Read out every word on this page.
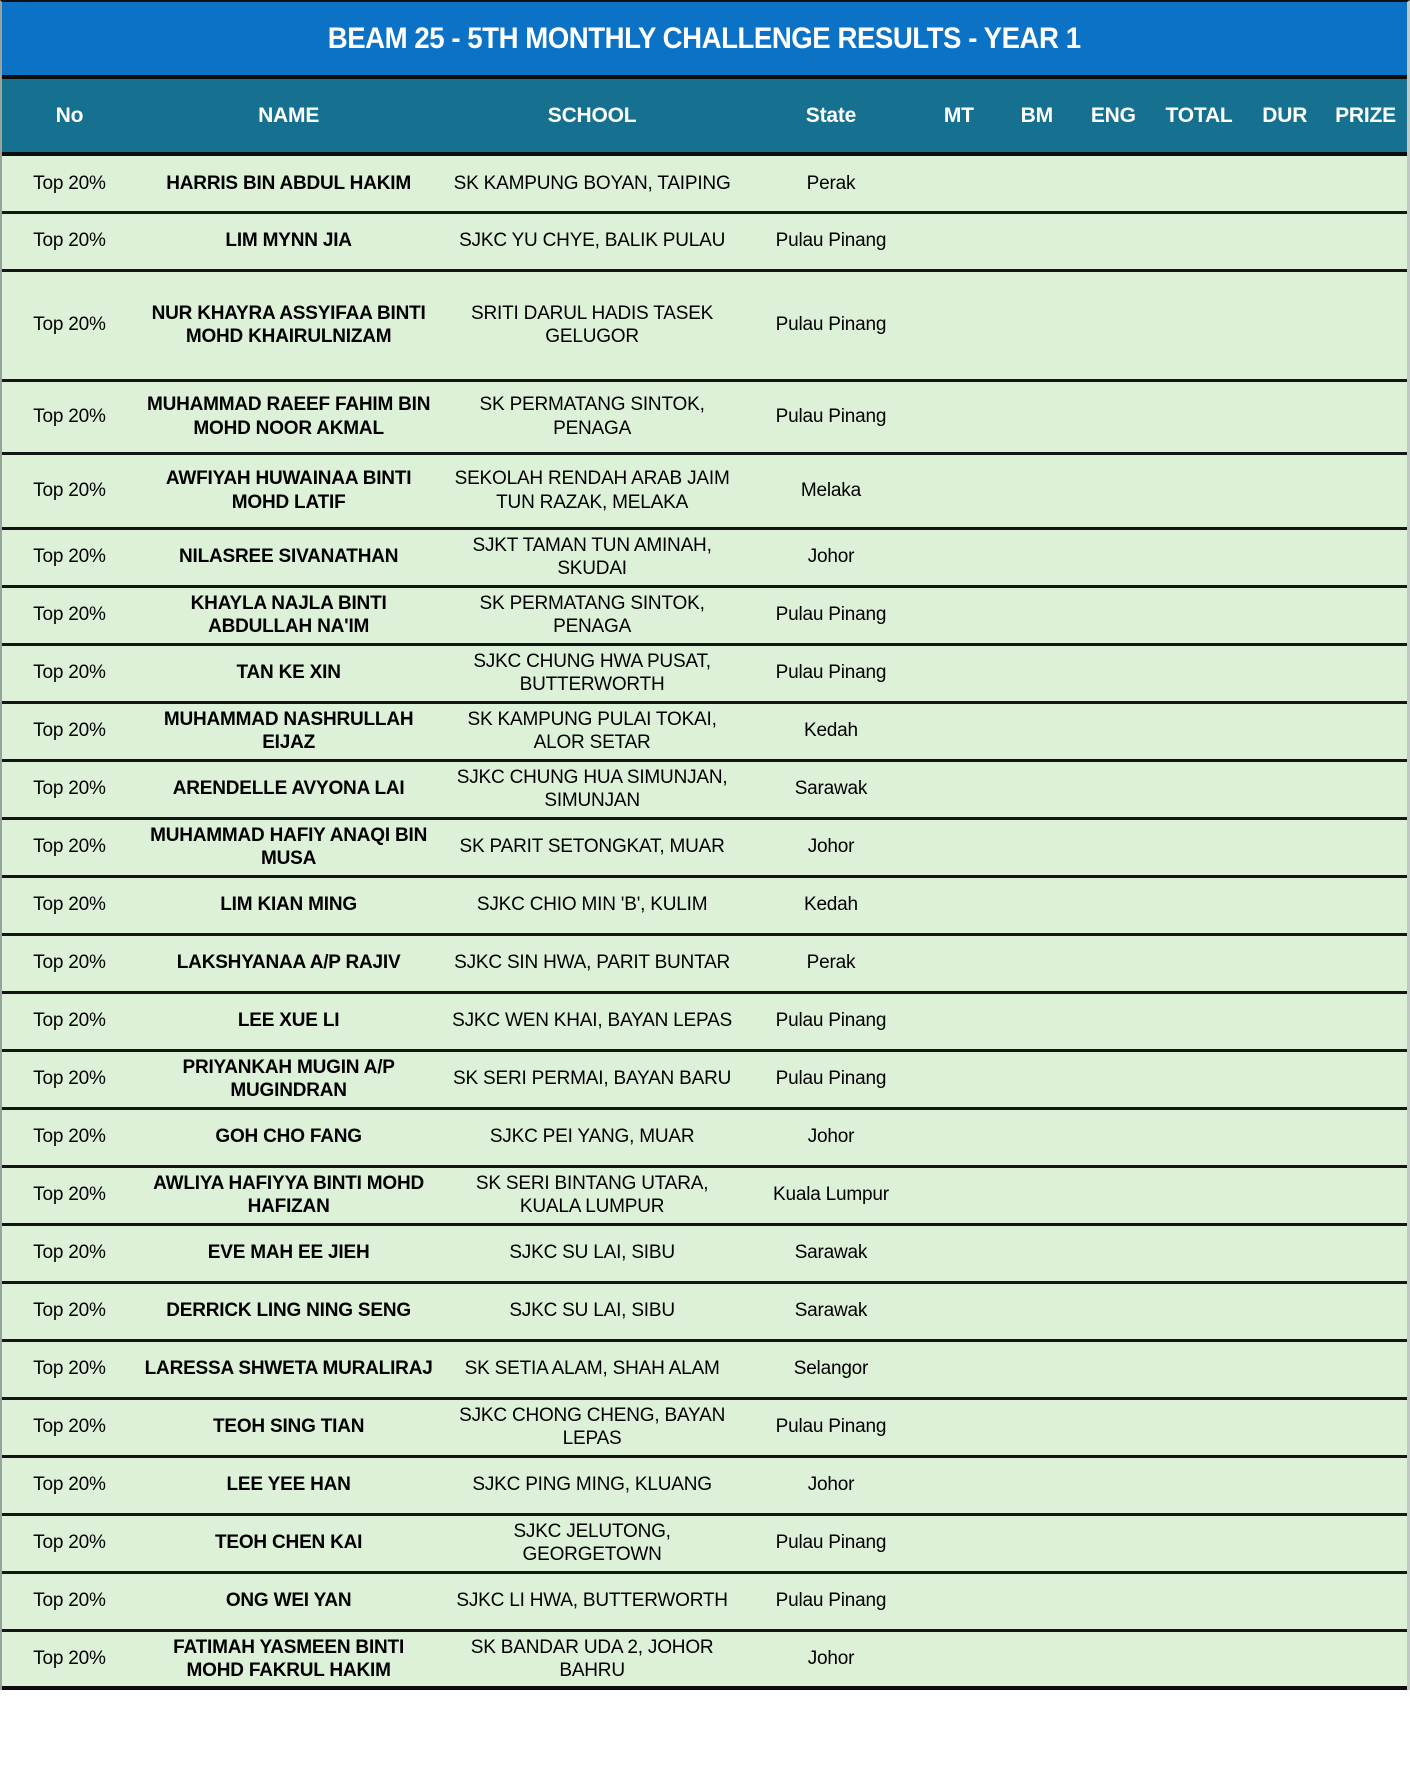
BEAM 25 - 5TH MONTHLY CHALLENGE RESULTS - YEAR 1
No	NAME	SCHOOL	State	MT	BM	ENG	TOTAL	DUR	PRIZE
Top 20%	HARRIS BIN ABDUL HAKIM	SK KAMPUNG BOYAN, TAIPING	Perak						
Top 20%	LIM MYNN JIA	SJKC YU CHYE, BALIK PULAU	Pulau Pinang						
Top 20%	NUR KHAYRA ASSYIFAA BINTI MOHD KHAIRULNIZAM	SRITI DARUL HADIS TASEK GELUGOR	Pulau Pinang						
Top 20%	MUHAMMAD RAEEF FAHIM BIN MOHD NOOR AKMAL	SK PERMATANG SINTOK, PENAGA	Pulau Pinang						
Top 20%	AWFIYAH HUWAINAA BINTI MOHD LATIF	SEKOLAH RENDAH ARAB JAIM TUN RAZAK, MELAKA	Melaka						
Top 20%	NILASREE SIVANATHAN	SJKT TAMAN TUN AMINAH, SKUDAI	Johor						
Top 20%	KHAYLA NAJLA BINTI ABDULLAH NA'IM	SK PERMATANG SINTOK, PENAGA	Pulau Pinang						
Top 20%	TAN KE XIN	SJKC CHUNG HWA PUSAT, BUTTERWORTH	Pulau Pinang						
Top 20%	MUHAMMAD NASHRULLAH EIJAZ	SK KAMPUNG PULAI TOKAI, ALOR SETAR	Kedah						
Top 20%	ARENDELLE AVYONA LAI	SJKC CHUNG HUA SIMUNJAN, SIMUNJAN	Sarawak						
Top 20%	MUHAMMAD HAFIY ANAQI BIN MUSA	SK PARIT SETONGKAT, MUAR	Johor						
Top 20%	LIM KIAN MING	SJKC CHIO MIN 'B', KULIM	Kedah						
Top 20%	LAKSHYANAA A/P RAJIV	SJKC SIN HWA, PARIT BUNTAR	Perak						
Top 20%	LEE XUE LI	SJKC WEN KHAI, BAYAN LEPAS	Pulau Pinang						
Top 20%	PRIYANKAH MUGIN A/P MUGINDRAN	SK SERI PERMAI, BAYAN BARU	Pulau Pinang						
Top 20%	GOH CHO FANG	SJKC PEI YANG, MUAR	Johor						
Top 20%	AWLIYA HAFIYYA BINTI MOHD HAFIZAN	SK SERI BINTANG UTARA, KUALA LUMPUR	Kuala Lumpur						
Top 20%	EVE MAH EE JIEH	SJKC SU LAI, SIBU	Sarawak						
Top 20%	DERRICK LING NING SENG	SJKC SU LAI, SIBU	Sarawak						
Top 20%	LARESSA SHWETA MURALIRAJ	SK SETIA ALAM, SHAH ALAM	Selangor						
Top 20%	TEOH SING TIAN	SJKC CHONG CHENG, BAYAN LEPAS	Pulau Pinang						
Top 20%	LEE YEE HAN	SJKC PING MING, KLUANG	Johor						
Top 20%	TEOH CHEN KAI	SJKC JELUTONG, GEORGETOWN	Pulau Pinang						
Top 20%	ONG WEI YAN	SJKC LI HWA, BUTTERWORTH	Pulau Pinang						
Top 20%	FATIMAH YASMEEN BINTI MOHD FAKRUL HAKIM	SK BANDAR UDA 2, JOHOR BAHRU	Johor						
